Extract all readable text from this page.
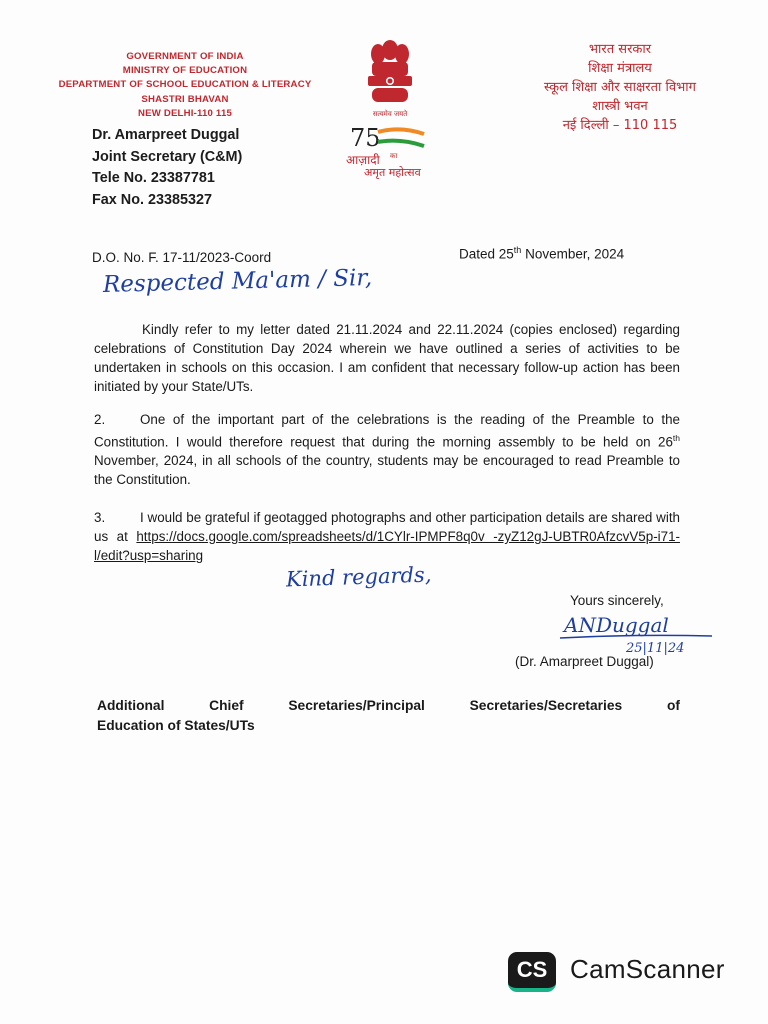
GOVERNMENT OF INDIA
MINISTRY OF EDUCATION
DEPARTMENT OF SCHOOL EDUCATION & LITERACY
SHASTRI BHAVAN
NEW DELHI-110 115	सत्यमेव जयते
75
आज़ादी का
अमृत महोत्सव
भारत सरकार
शिक्षा मंत्रालय
स्कूल शिक्षा और साक्षरता विभाग
शास्त्री भवन
नई दिल्ली – 110 115
Dr. Amarpreet Duggal
Joint Secretary (C&M)
Tele No. 23387781
Fax No. 23385327
D.O. No. F. 17-11/2023-Coord	Dated 25th November, 2024
Respected Ma'am / Sir,
Kindly refer to my letter dated 21.11.2024 and 22.11.2024 (copies enclosed) regarding celebrations of Constitution Day 2024 wherein we have outlined a series of activities to be undertaken in schools on this occasion. I am confident that necessary follow-up action has been initiated by your State/UTs.
2.	One of the important part of the celebrations is the reading of the Preamble to the Constitution. I would therefore request that during the morning assembly to be held on 26th November, 2024, in all schools of the country, students may be encouraged to read Preamble to the Constitution.
3.	I would be grateful if geotagged photographs and other participation details are shared with us at https://docs.google.com/spreadsheets/d/1CYlr-IPMPF8q0v -zyZ12gJ-UBTR0AfzcvV5p-i71-l/edit?usp=sharing
Kind regards,
Yours sincerely,
ANDuggal
25|11|24
(Dr. Amarpreet Duggal)
Additional	Chief	Secretaries/Principal	Secretaries/Secretaries	of
Education of States/UTs
CS CamScanner
